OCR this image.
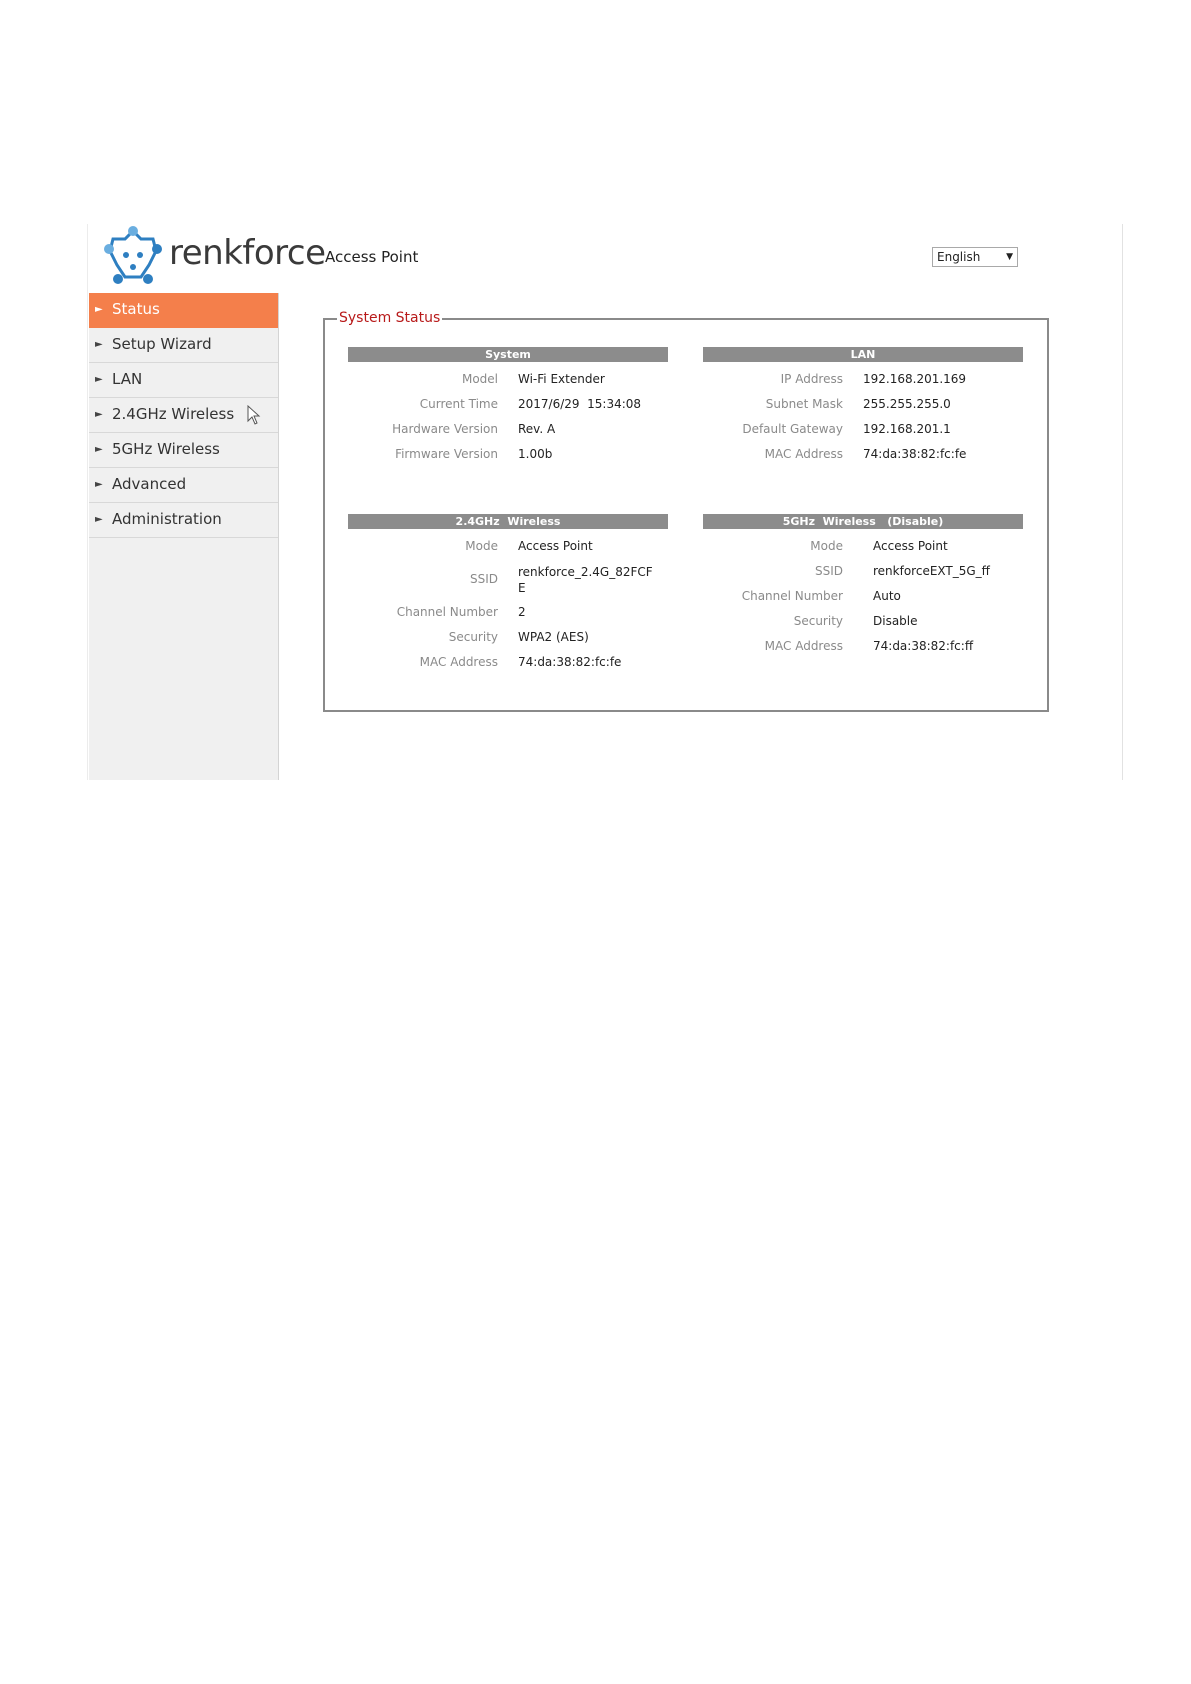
renkforce Access Point	English	▼
► Status
► Setup Wizard
► LAN
► 2.4GHz Wireless
► 5GHz Wireless
► Advanced
► Administration
System Status
System
Model Wi-Fi Extender
Current Time 2017/6/29  15:34:08
Hardware Version Rev. A
Firmware Version 1.00b
LAN
IP Address 192.168.201.169
Subnet Mask 255.255.255.0
Default Gateway 192.168.201.1
MAC Address 74:da:38:82:fc:fe
2.4GHz  Wireless
Mode Access Point
SSID renkforce_2.4G_82FCF
E
Channel Number 2
Security WPA2 (AES)
MAC Address 74:da:38:82:fc:fe
5GHz  Wireless   (Disable)
Mode	Access Point
SSID	renkforceEXT_5G_ff
Channel Number	Auto
Security	Disable
MAC Address	74:da:38:82:fc:ff
